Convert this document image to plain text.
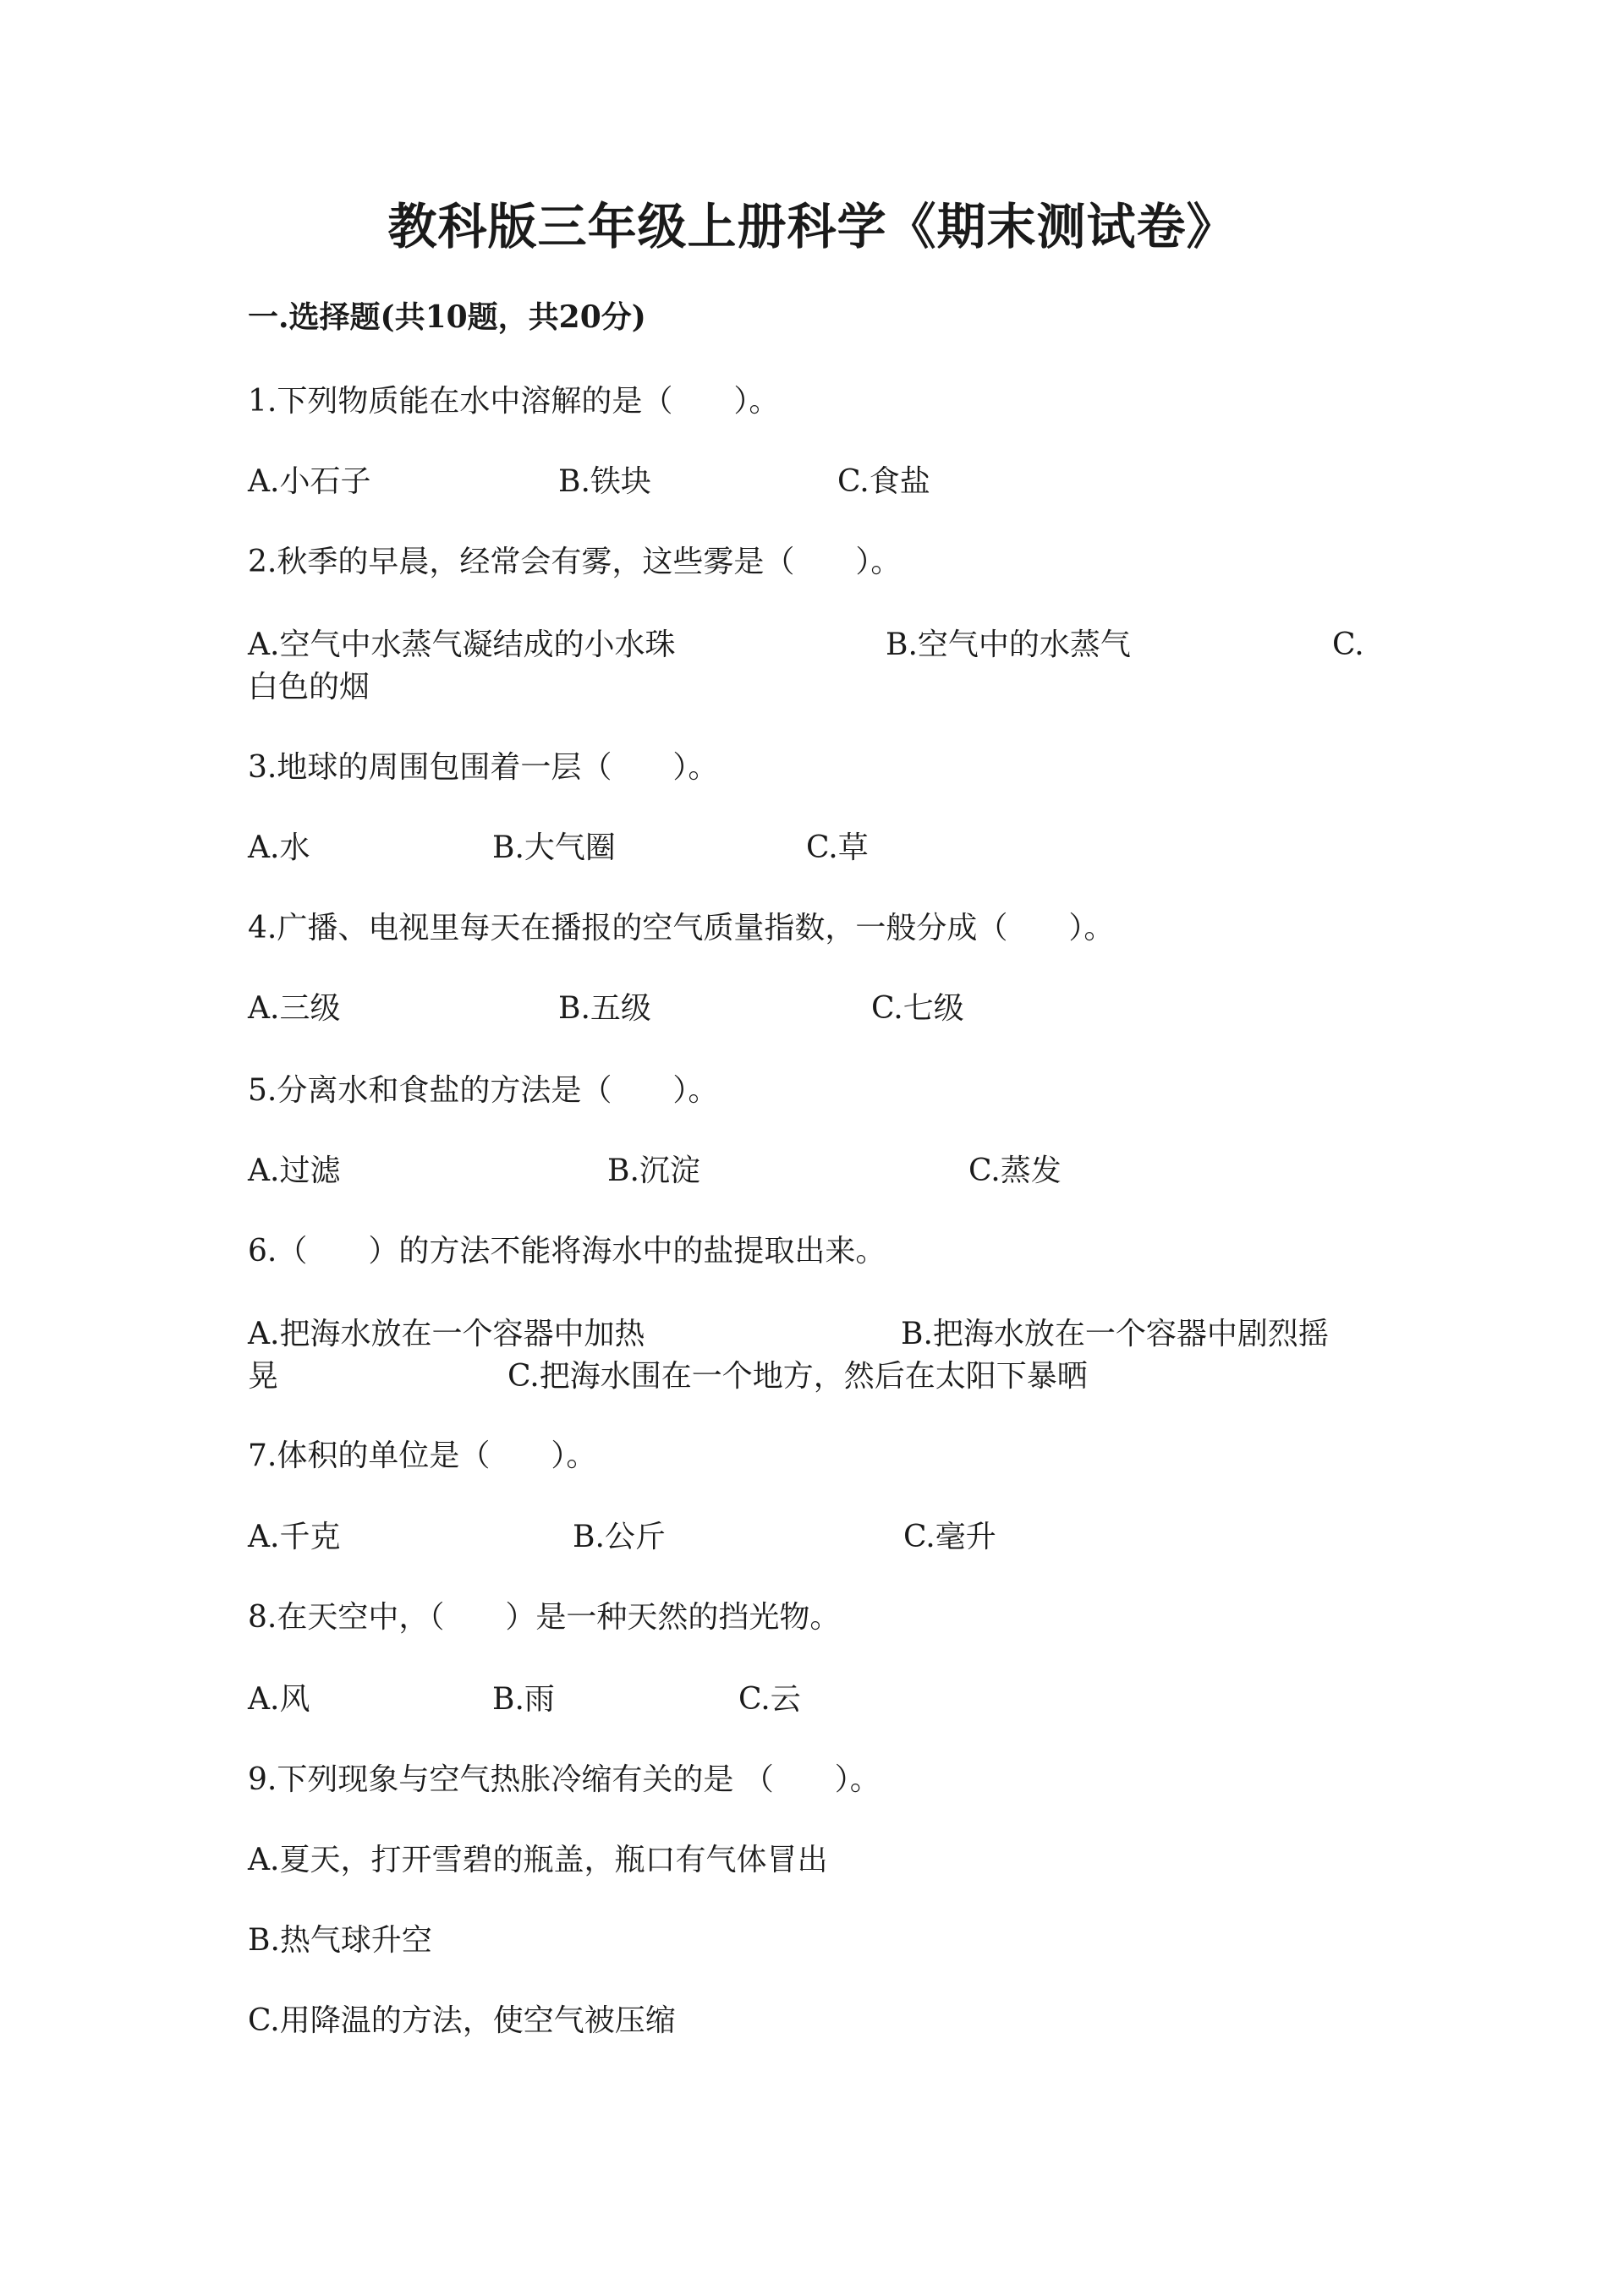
教科版三年级上册科学《期末测试卷》
一.选择题(共10题，共20分)
1.下列物质能在水中溶解的是（　　）。
A.小石子	B.铁块	C.食盐
2.秋季的早晨，经常会有雾，这些雾是（　　）。
A.空气中水蒸气凝结成的小水珠	B.空气中的水蒸气	C.
白色的烟
3.地球的周围包围着一层（　　）。
A.水	B.大气圈	C.草
4.广播、电视里每天在播报的空气质量指数，一般分成（　　）。
A.三级	B.五级	C.七级
5.分离水和食盐的方法是（　　）。
A.过滤	B.沉淀	C.蒸发
6.（　　）的方法不能将海水中的盐提取出来。
A.把海水放在一个容器中加热	B.把海水放在一个容器中剧烈摇
晃	C.把海水围在一个地方，然后在太阳下暴晒
7.体积的单位是（　　）。
A.千克	B.公斤	C.毫升
8.在天空中，（　　）是一种天然的挡光物。
A.风	B.雨	C.云
9.下列现象与空气热胀冷缩有关的是 （　　）。
A.夏天，打开雪碧的瓶盖，瓶口有气体冒出
B.热气球升空
C.用降温的方法，使空气被压缩
